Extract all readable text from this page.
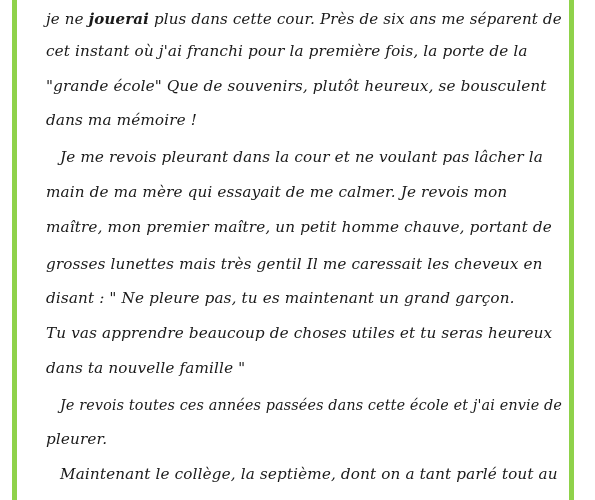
je ne jouerai plus dans cette cour. Près de six ans me séparent de
cet instant où j'ai franchi pour la première fois, la porte de la
"grande école" Que de souvenirs, plutôt heureux, se bousculent
dans ma mémoire !
Je me revois pleurant dans la cour et ne voulant pas lâcher la
main de ma mère qui essayait de me calmer. Je revois mon
maître, mon premier maître, un petit homme chauve, portant de
grosses lunettes mais très gentil Il me caressait les cheveux en
disant : " Ne pleure pas, tu es maintenant un grand garçon.
Tu vas apprendre beaucoup de choses utiles et tu seras heureux
dans ta nouvelle famille "
Je revois toutes ces années passées dans cette école et j'ai envie de
pleurer.
Maintenant le collège, la septième, dont on a tant parlé tout au
